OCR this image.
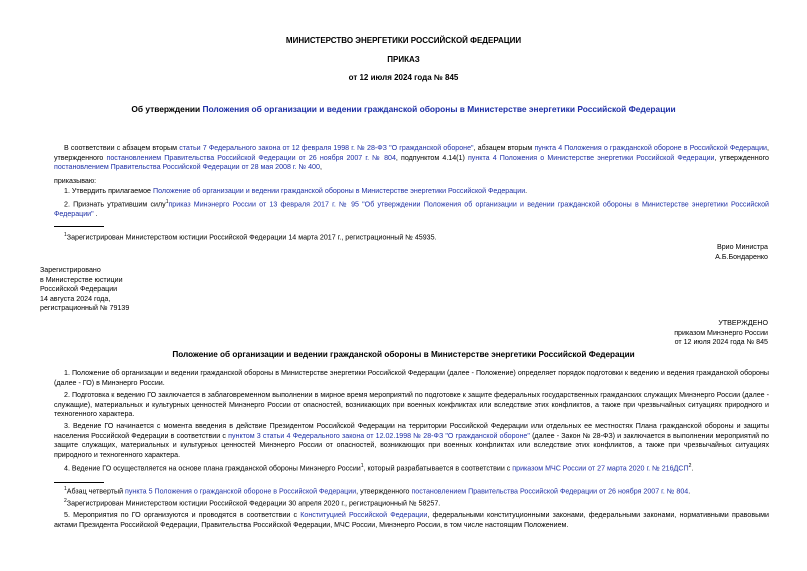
МИНИСТЕРСТВО ЭНЕРГЕТИКИ РОССИЙСКОЙ ФЕДЕРАЦИИ
ПРИКАЗ
от 12 июля 2024 года № 845
Об утверждении Положения об организации и ведении гражданской обороны в Министерстве энергетики Российской Федерации
В соответствии с абзацем вторым статьи 7 Федерального закона от 12 февраля 1998 г. № 28-ФЗ "О гражданской обороне", абзацем вторым пункта 4 Положения о гражданской обороне в Российской Федерации, утвержденного постановлением Правительства Российской Федерации от 26 ноября 2007 г. № 804, подпунктом 4.14(1) пункта 4 Положения о Министерстве энергетики Российской Федерации, утвержденного постановлением Правительства Российской Федерации от 28 мая 2008 г. № 400,
приказываю:
1. Утвердить прилагаемое Положение об организации и ведении гражданской обороны в Министерстве энергетики Российской Федерации.
2. Признать утратившим силу$^1$приказ Минэнерго России от 13 февраля 2017 г. № 95 "Об утверждении Положения об организации и ведении гражданской обороны в Министерстве энергетики Российской Федерации" .
$^1$Зарегистрирован Министерством юстиции Российской Федерации 14 марта 2017 г., регистрационный № 45935.
Врио Министра
А.Б.Бондаренко
Зарегистрировано
в Министерстве юстиции
Российской Федерации
14 августа 2024 года,
регистрационный № 79139
УТВЕРЖДЕНО
приказом Минэнерго России
от 12 июля 2024 года № 845
Положение об организации и ведении гражданской обороны в Министерстве энергетики Российской Федерации
1. Положение об организации и ведении гражданской обороны в Министерстве энергетики Российской Федерации (далее - Положение) определяет порядок подготовки к ведению и ведения гражданской обороны (далее - ГО) в Минэнерго России.
2. Подготовка к ведению ГО заключается в заблаговременном выполнении в мирное время мероприятий по подготовке к защите федеральных государственных гражданских служащих Минэнерго России (далее - служащие), материальных и культурных ценностей Минэнерго России от опасностей, возникающих при военных конфликтах или вследствие этих конфликтов, а также при чрезвычайных ситуациях природного и техногенного характера.
3. Ведение ГО начинается с момента введения в действие Президентом Российской Федерации на территории Российской Федерации или отдельных ее местностях Плана гражданской обороны и защиты населения Российской Федерации в соответствии с пунктом 3 статьи 4 Федерального закона от 12.02.1998 № 28-ФЗ "О гражданской обороне" (далее - Закон № 28-ФЗ) и заключается в выполнении мероприятий по защите служащих, материальных и культурных ценностей Минэнерго России от опасностей, возникающих при военных конфликтах или вследствие этих конфликтов, а также при чрезвычайных ситуациях природного и техногенного характера.
4. Ведение ГО осуществляется на основе плана гражданской обороны Минэнерго России$^1$, который разрабатывается в соответствии с приказом МЧС России от 27 марта 2020 г. № 216ДСП$^2$.
$^1$Абзац четвертый пункта 5 Положения о гражданской обороне в Российской Федерации, утвержденного постановлением Правительства Российской Федерации от 26 ноября 2007 г. № 804.
$^2$Зарегистрирован Министерством юстиции Российской Федерации 30 апреля 2020 г., регистрационный № 58257.
5. Мероприятия по ГО организуются и проводятся в соответствии с Конституцией Российской Федерации, федеральными конституционными законами, федеральными законами, нормативными правовыми актами Президента Российской Федерации, Правительства Российской Федерации, МЧС России, Минэнерго России, в том числе настоящим Положением.
